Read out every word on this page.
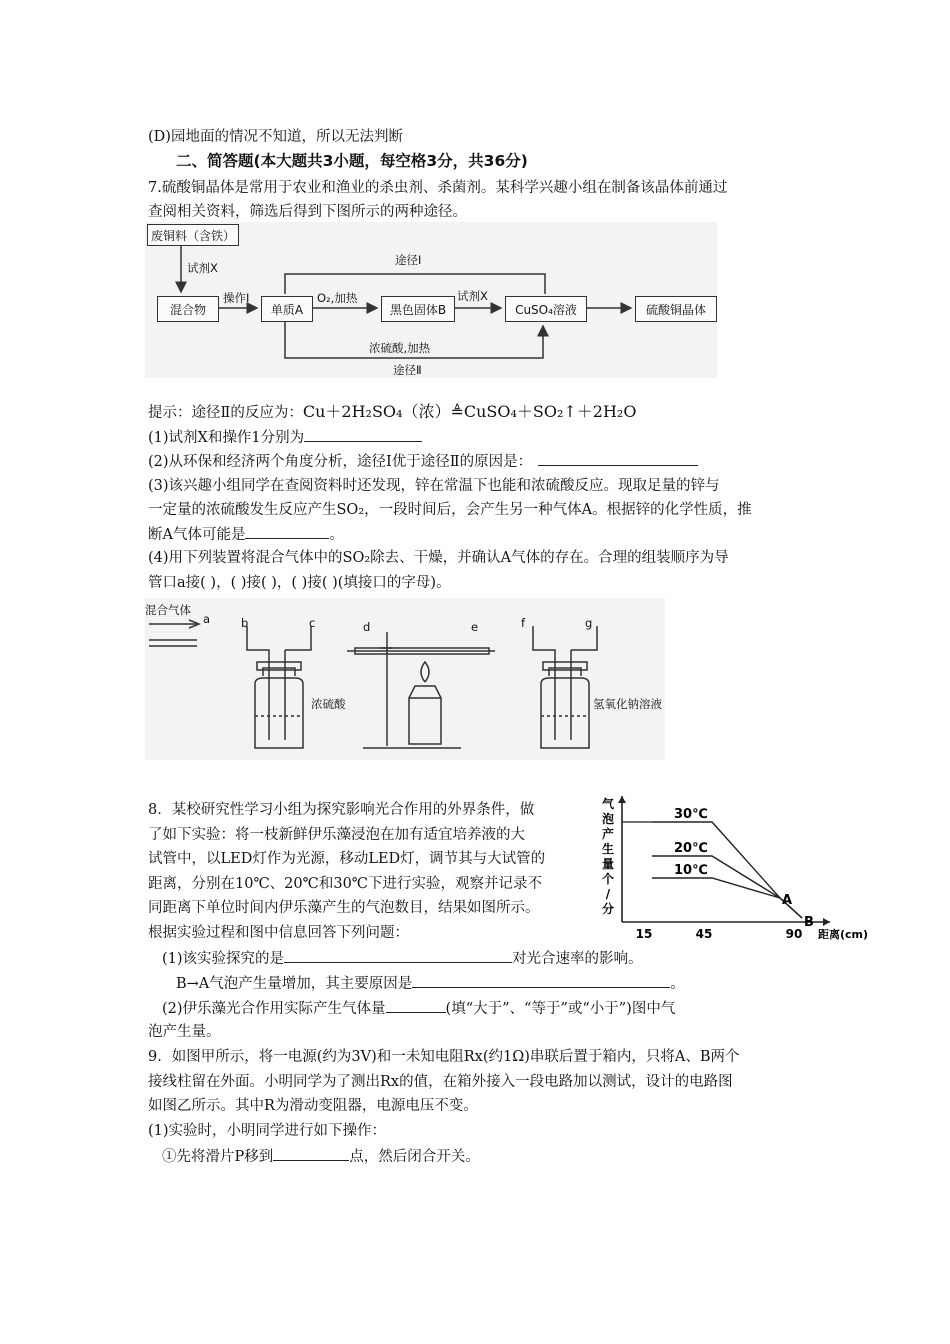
(D)园地面的情况不知道，所以无法判断
二、简答题(本大题共3小题，每空格3分，共36分)
7.硫酸铜晶体是常用于农业和渔业的杀虫剂、杀菌剂。某科学兴趣小组在制备该晶体前通过
查阅相关资料，筛选后得到下图所示的两种途径。
废铜料（含铁）
试剂X
混合物
操作Ⅰ
单质A
O₂,加热
黑色固体B
试剂X
CuSO₄溶液	硫酸铜晶体
途径Ⅰ
浓硫酸,加热
途径Ⅱ
提示：途径Ⅱ的反应为：Cu＋2H₂SO₄（浓）≜CuSO₄＋SO₂↑＋2H₂O
(1)试剂X和操作1分别为
(2)从环保和经济两个角度分析，途径Ⅰ优于途径Ⅱ的原因是：
(3)该兴趣小组同学在查阅资料时还发现，锌在常温下也能和浓硫酸反应。现取足量的锌与
一定量的浓硫酸发生反应产生SO₂，一段时间后，会产生另一种气体A。根据锌的化学性质，推
断A气体可能是	。
(4)用下列装置将混合气体中的SO₂除去、干燥，并确认A气体的存在。合理的组装顺序为导
管口a接( )，( )接( )，( )接( )(填接口的字母)。
混合气体
a	b	c	d	e	f	g
浓硫酸	氢氧化钠溶液
8．某校研究性学习小组为探究影响光合作用的外界条件，做
了如下实验：将一枝新鲜伊乐藻浸泡在加有适宜培养液的大
试管中，以LED灯作为光源，移动LED灯，调节其与大试管的
距离，分别在10℃、20℃和30℃下进行实验，观察并记录不
同距离下单位时间内伊乐藻产生的气泡数目，结果如图所示。
根据实验过程和图中信息回答下列问题：
气
泡
产
生
量
个
/
分
15	45	90 距离(cm)
30℃
20℃
10℃
A
B
(1)该实验探究的是	对光合速率的影响。
B→A气泡产生量增加，其主要原因是	。
(2)伊乐藻光合作用实际产生气体量	(填“大于”、“等于”或“小于”)图中气
泡产生量。
9．如图甲所示，将一电源(约为3V)和一未知电阻Rx(约1Ω)串联后置于箱内，只将A、B两个
接线柱留在外面。小明同学为了测出Rx的值，在箱外接入一段电路加以测试，设计的电路图
如图乙所示。其中R为滑动变阻器，电源电压不变。
(1)实验时，小明同学进行如下操作：
①先将滑片P移到	点，然后闭合开关。
